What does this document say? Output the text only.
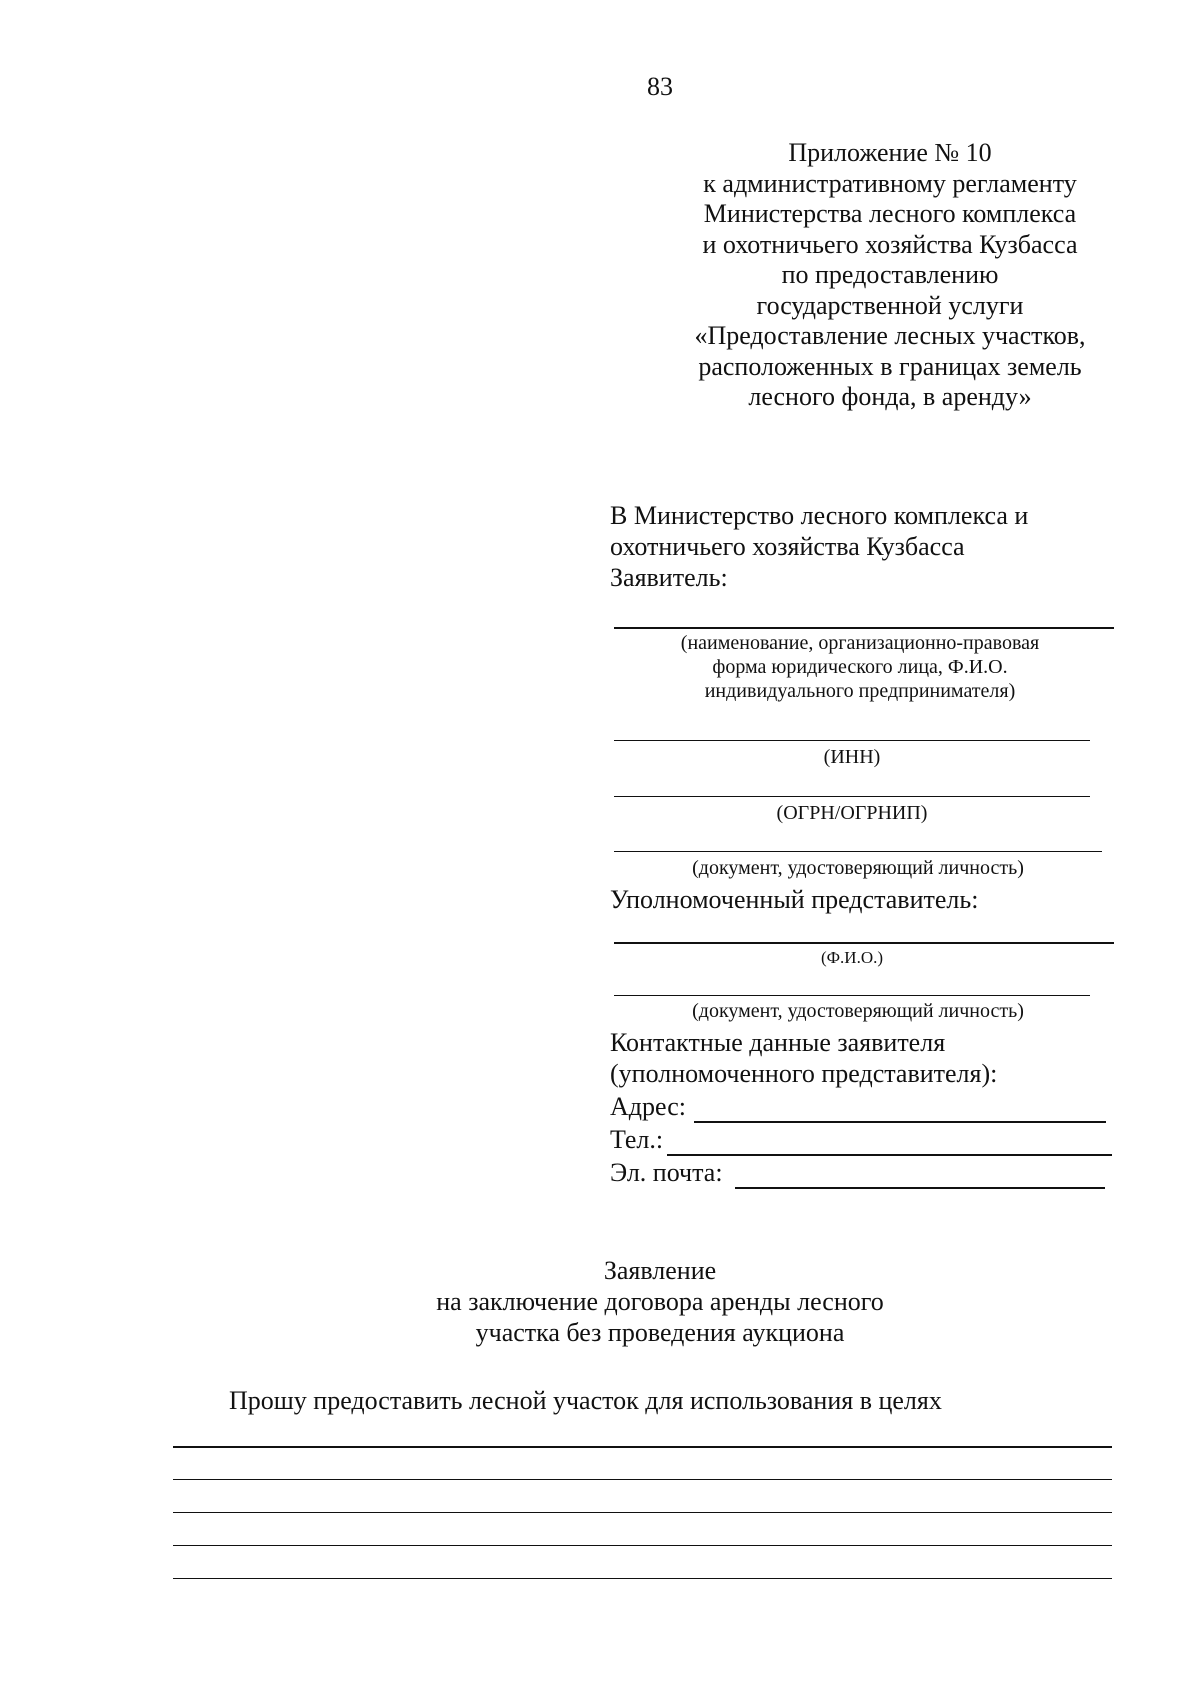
83
Приложение № 10
к административному регламенту
Министерства лесного комплекса
и охотничьего хозяйства Кузбасса
по предоставлению
государственной услуги
«Предоставление лесных участков,
расположенных в границах земель
лесного фонда, в аренду»
В Министерство лесного комплекса и
охотничьего хозяйства Кузбасса
Заявитель:
(наименование, организационно-правовая
форма юридического лица, Ф.И.О.
индивидуального предпринимателя)
(ИНН)
(ОГРН/ОГРНИП)
(документ, удостоверяющий личность)
Уполномоченный представитель:
(Ф.И.О.)
(документ, удостоверяющий личность)
Контактные данные заявителя
(уполномоченного представителя):
Адрес:
Тел.:
Эл. почта:
Заявление
на заключение договора аренды лесного
участка без проведения аукциона
Прошу предоставить лесной участок для использования в целях
